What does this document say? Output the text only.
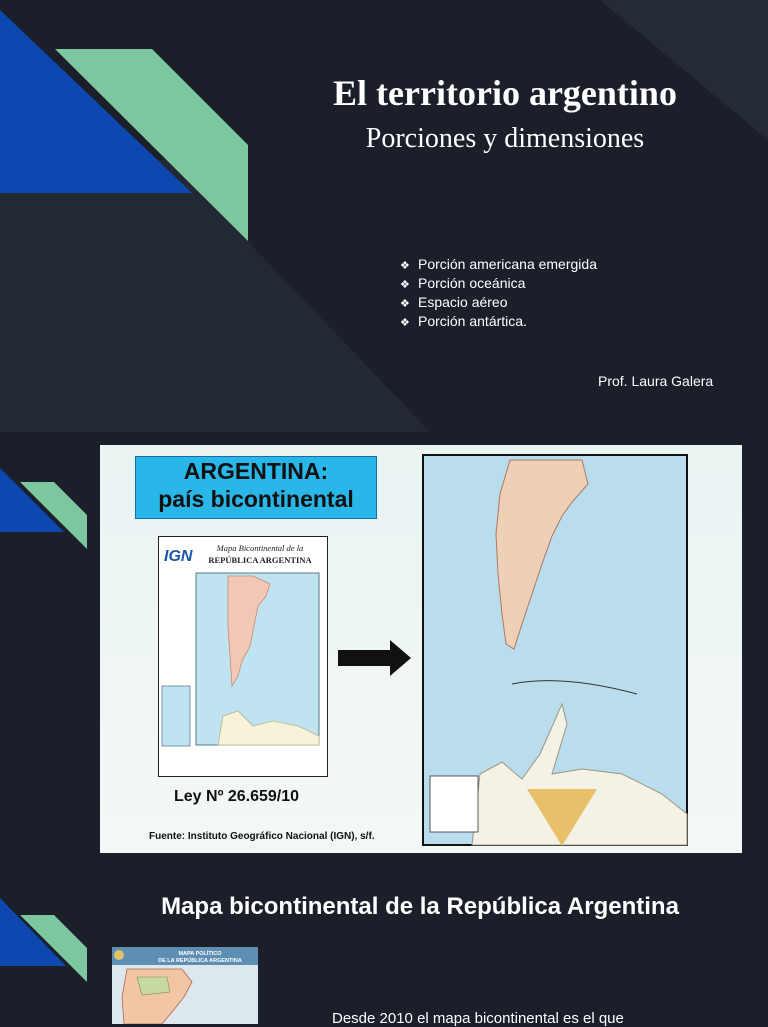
El territorio argentino
Porciones y dimensiones
❖ Porción americana emergida
❖ Porción oceánica
❖ Espacio aéreo
❖ Porción antártica.
Prof. Laura Galera
ARGENTINA:
país bicontinental
IGN	Mapa Bicontinental de la
REPÚBLICA ARGENTINA
Ley Nº 26.659/10
Fuente: Instituto Geográfico Nacional (IGN), s/f.
Mapa bicontinental de la República Argentina
MAPA POLÍTICO
DE LA REPÚBLICA ARGENTINA
Desde 2010 el mapa bicontinental es el que
